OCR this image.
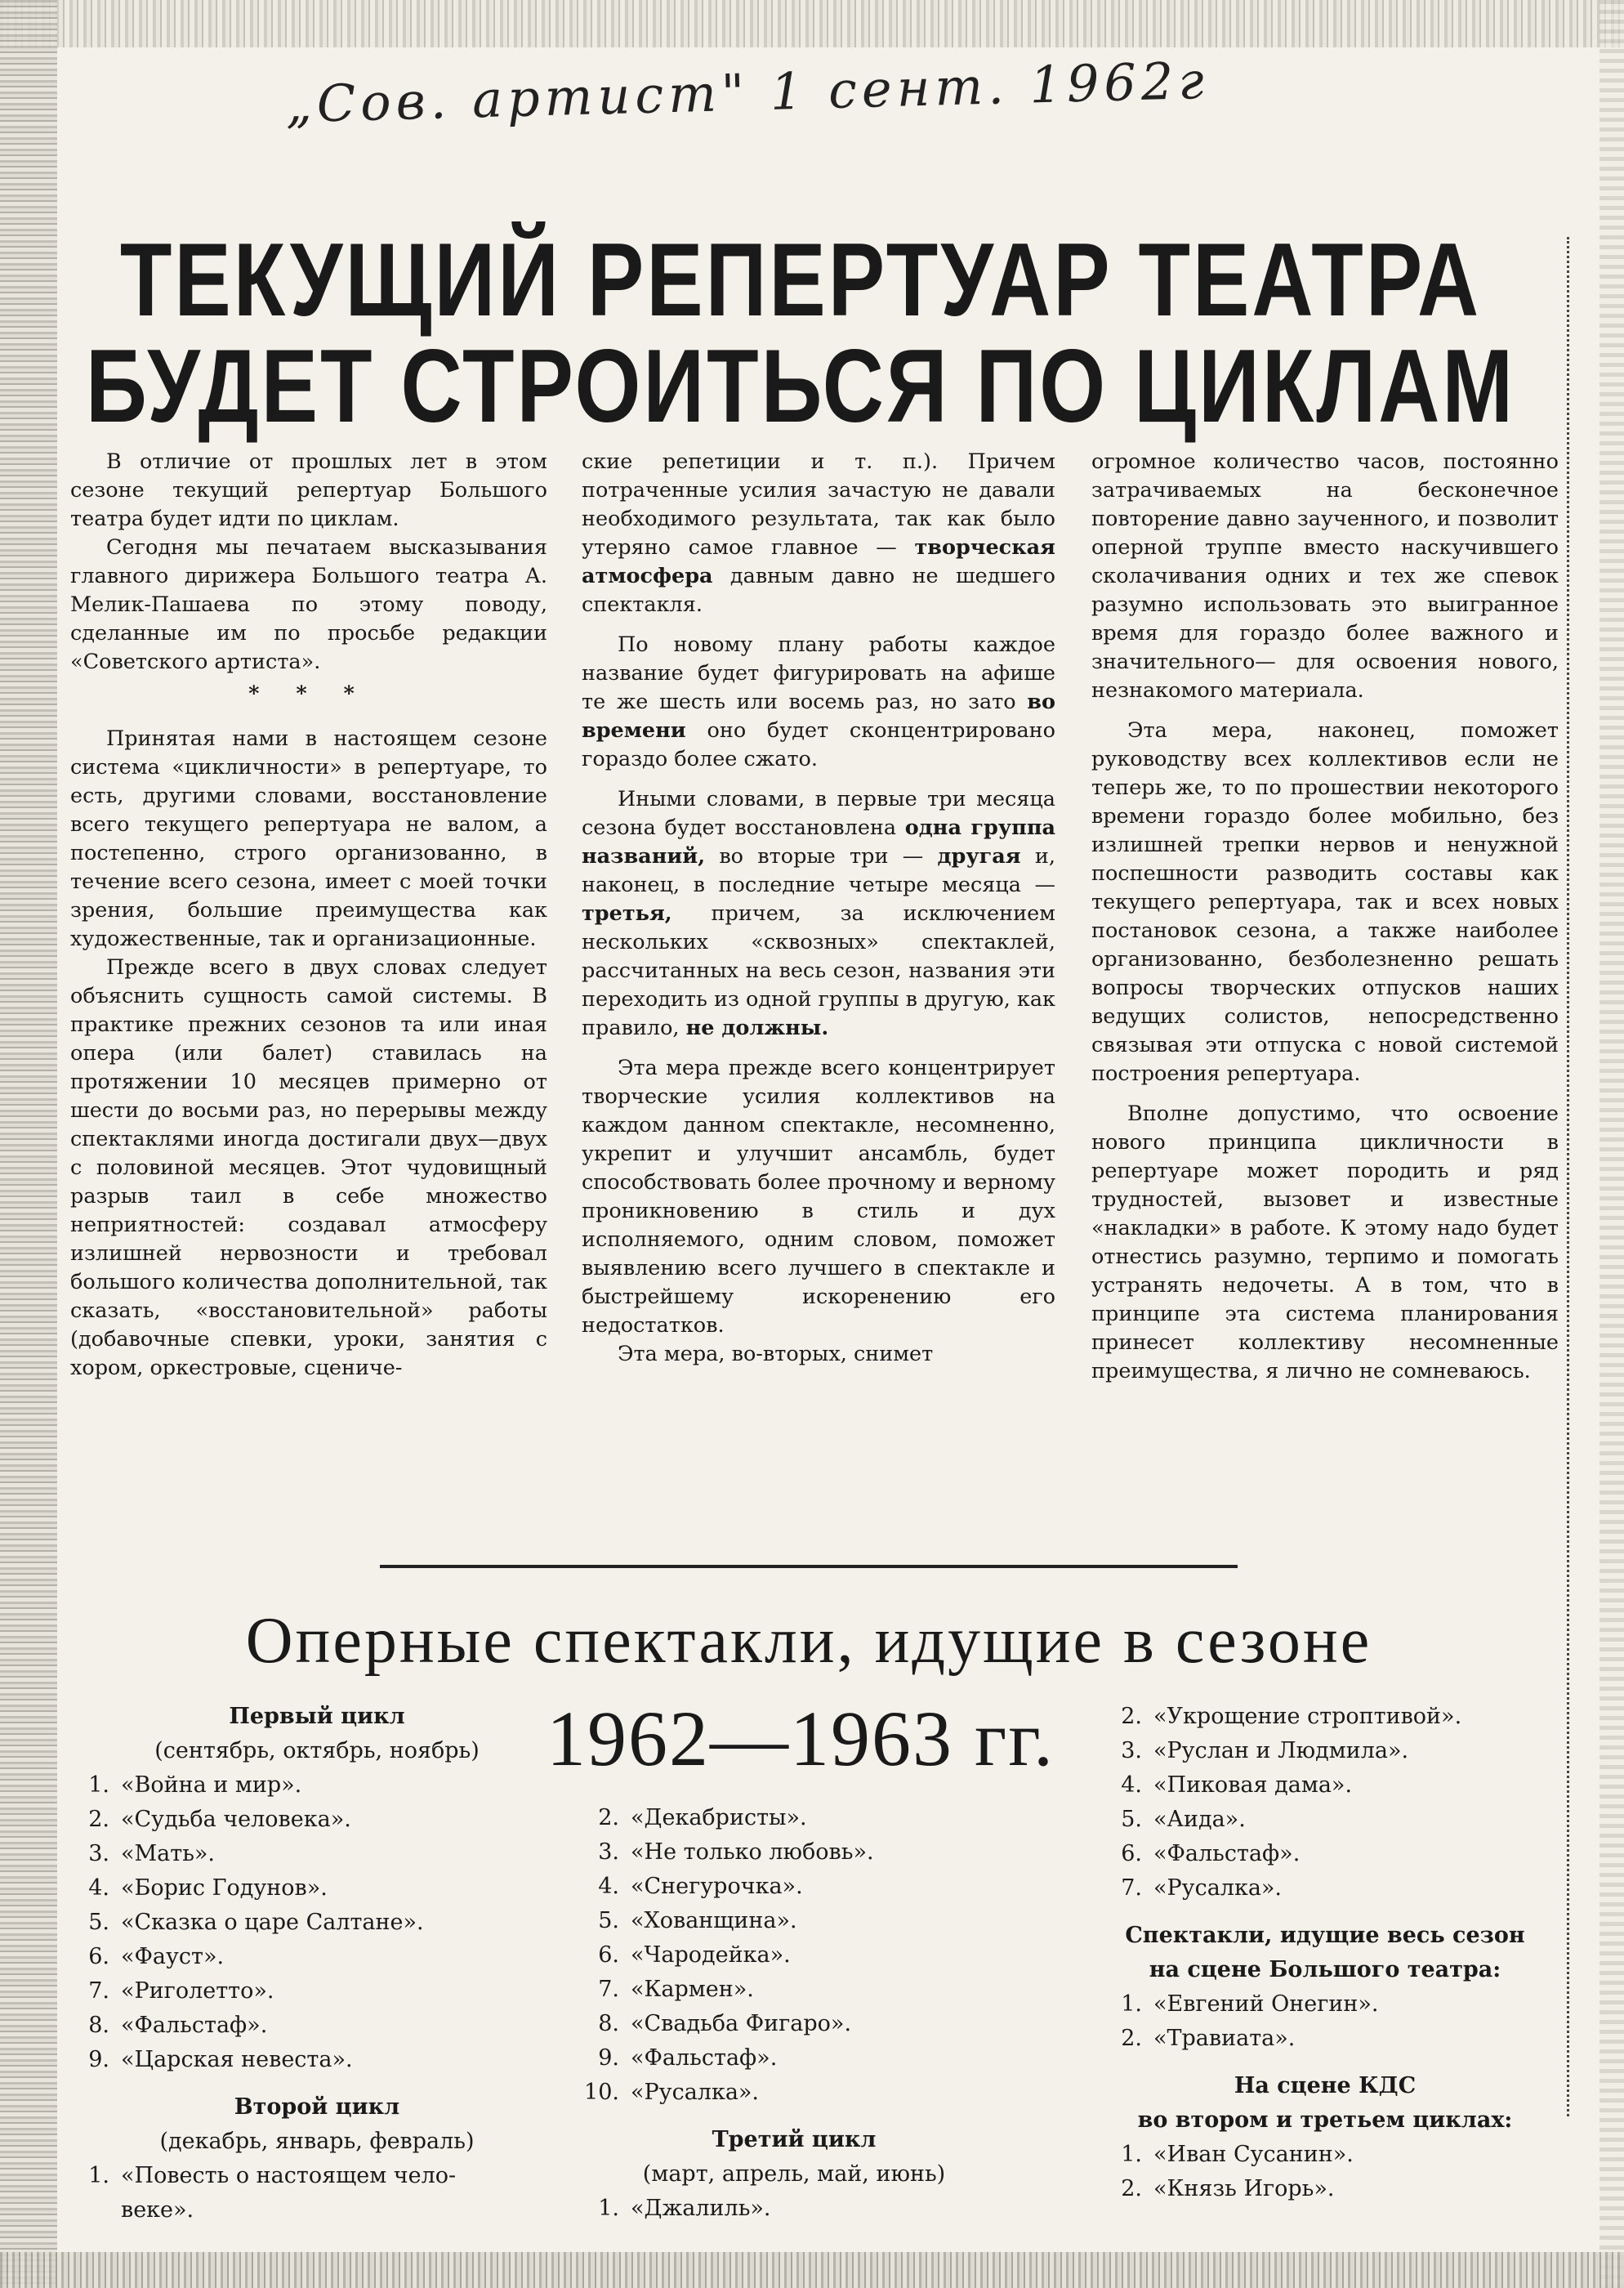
„Сов. артист" 1 сент. 1962г
ТЕКУЩИЙ РЕПЕРТУАР ТЕАТРА
БУДЕТ СТРОИТЬСЯ ПО ЦИКЛАМ

В отличие от прошлых лет в этом сезоне текущий репертуар Большого театра будет идти по циклам.

Сегодня мы печатаем высказывания главного дирижера Большого театра А. Мелик-Пашаева по этому поводу, сделанные им по просьбе редакции «Советского артиста».

* * *

Принятая нами в настоящем сезоне система «цикличности» в репертуаре, то есть, другими словами, восстановление всего текущего репертуара не валом, а постепенно, строго организованно, в течение всего сезона, имеет с моей точки зрения, большие преимущества как художественные, так и организационные.

Прежде всего в двух словах следует объяснить сущность самой системы. В практике прежних сезонов та или иная опера (или балет) ставилась на протяжении 10 месяцев примерно от шести до восьми раз, но перерывы между спектаклями иногда достигали двух—двух с половиной месяцев. Этот чудовищный разрыв таил в себе множество неприятностей: создавал атмосферу излишней нервозности и требовал большого количества дополнительной, так сказать, «восстановительной» работы (добавочные спевки, уроки, занятия с хором, оркестровые, сцениче-

ские репетиции и т. п.). Причем потраченные усилия зачастую не давали необходимого результата, так как было утеряно самое главное — творческая атмосфера давным давно не шедшего спектакля.

По новому плану работы каждое название будет фигурировать на афише те же шесть или восемь раз, но зато во времени оно будет сконцентрировано гораздо более сжато.

Иными словами, в первые три месяца сезона будет восстановлена одна группа названий, во вторые три — другая и, наконец, в последние четыре месяца — третья, причем, за исключением нескольких «сквозных» спектаклей, рассчитанных на весь сезон, названия эти переходить из одной группы в другую, как правило, не должны.

Эта мера прежде всего концентрирует творческие усилия коллективов на каждом данном спектакле, несомненно, укрепит и улучшит ансамбль, будет способствовать более прочному и верному проникновению в стиль и дух исполняемого, одним словом, поможет выявлению всего лучшего в спектакле и быстрейшему искоренению его недостатков.

Эта мера, во-вторых, снимет

огромное количество часов, постоянно затрачиваемых на бесконечное повторение давно заученного, и позволит оперной труппе вместо наскучившего сколачивания одних и тех же спевок разумно использовать это выигранное время для гораздо более важного и значительного— для освоения нового, незнакомого материала.

Эта мера, наконец, поможет руководству всех коллективов если не теперь же, то по прошествии некоторого времени гораздо более мобильно, без излишней трепки нервов и ненужной поспешности разводить составы как текущего репертуара, так и всех новых постановок сезона, а также наиболее организованно, безболезненно решать вопросы творческих отпусков наших ведущих солистов, непосредственно связывая эти отпуска с новой системой построения репертуара.

Вполне допустимо, что освоение нового принципа цикличности в репертуаре может породить и ряд трудностей, вызовет и известные «накладки» в работе. К этому надо будет отнестись разумно, терпимо и помогать устранять недочеты. А в том, что в принципе эта система планирования принесет коллективу несомненные преимущества, я лично не сомневаюсь.

Оперные спектакли, идущие в сезоне
1962—1963 гг.
Первый цикл
(сентябрь, октябрь, ноябрь)
1. «Война и мир».
2. «Судьба человека».
3. «Мать».
4. «Борис Годунов».
5. «Сказка о царе Салтане».
6. «Фауст».
7. «Риголетто».
8. «Фальстаф».
9. «Царская невеста».
Второй цикл
(декабрь, январь, февраль)
1. «Повесть о настоящем чело-
веке».
2. «Декабристы».
3. «Не только любовь».
4. «Снегурочка».
5. «Хованщина».
6. «Чародейка».
7. «Кармен».
8. «Свадьба Фигаро».
9. «Фальстаф».
10. «Русалка».
Третий цикл
(март, апрель, май, июнь)
1. «Джалиль».
2. «Укрощение строптивой».
3. «Руслан и Людмила».
4. «Пиковая дама».
5. «Аида».
6. «Фальстаф».
7. «Русалка».
Спектакли, идущие весь сезон
на сцене Большого театра:
1. «Евгений Онегин».
2. «Травиата».
На сцене КДС
во втором и третьем циклах:
1. «Иван Сусанин».
2. «Князь Игорь».
